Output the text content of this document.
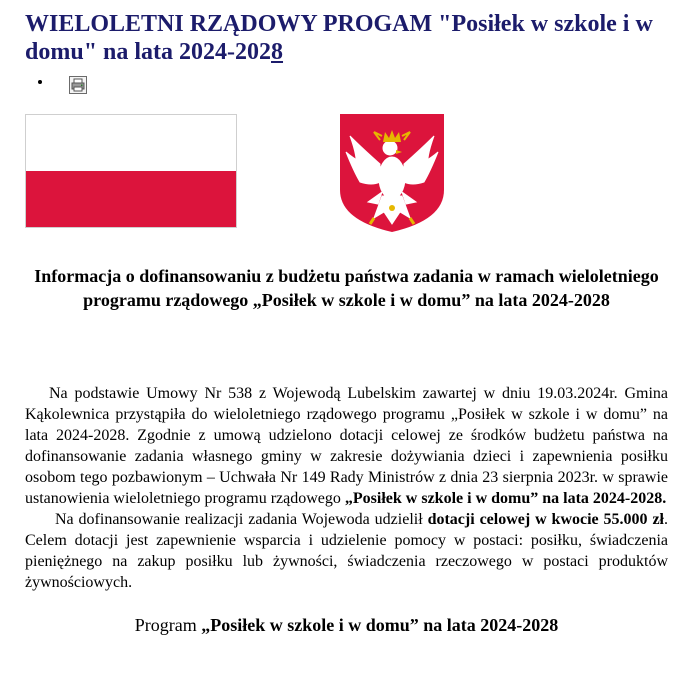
WIELOLETNI RZĄDOWY PROGAM "Posiłek w szkole i w domu" na lata 2024-2028
•

Informacja o dofinansowaniu z budżetu państwa zadania w ramach wieloletniego programu rządowego „Posiłek w szkole i w domu” na lata 2024-2028

Na podstawie Umowy Nr 538 z Wojewodą Lubelskim zawartej w dniu 19.03.2024r. Gmina Kąkolewnica przystąpiła do wieloletniego rządowego programu „Posiłek w szkole i w domu” na lata 2024-2028. Zgodnie z umową udzielono dotacji celowej ze środków budżetu państwa na dofinansowanie zadania własnego gminy w zakresie dożywiania dzieci i zapewnienia posiłku osobom tego pozbawionym – Uchwała Nr 149 Rady Ministrów z dnia 23 sierpnia 2023r. w sprawie ustanowienia wieloletniego programu rządowego „Posiłek w szkole i w domu” na lata 2024-2028.

Na dofinansowanie realizacji zadania Wojewoda udzielił dotacji celowej w kwocie 55.000 zł. Celem dotacji jest zapewnienie wsparcia i udzielenie pomocy w postaci: posiłku, świadczenia pieniężnego na zakup posiłku lub żywności, świadczenia rzeczowego w postaci produktów żywnościowych.

Program „Posiłek w szkole i w domu” na lata 2024-2028
